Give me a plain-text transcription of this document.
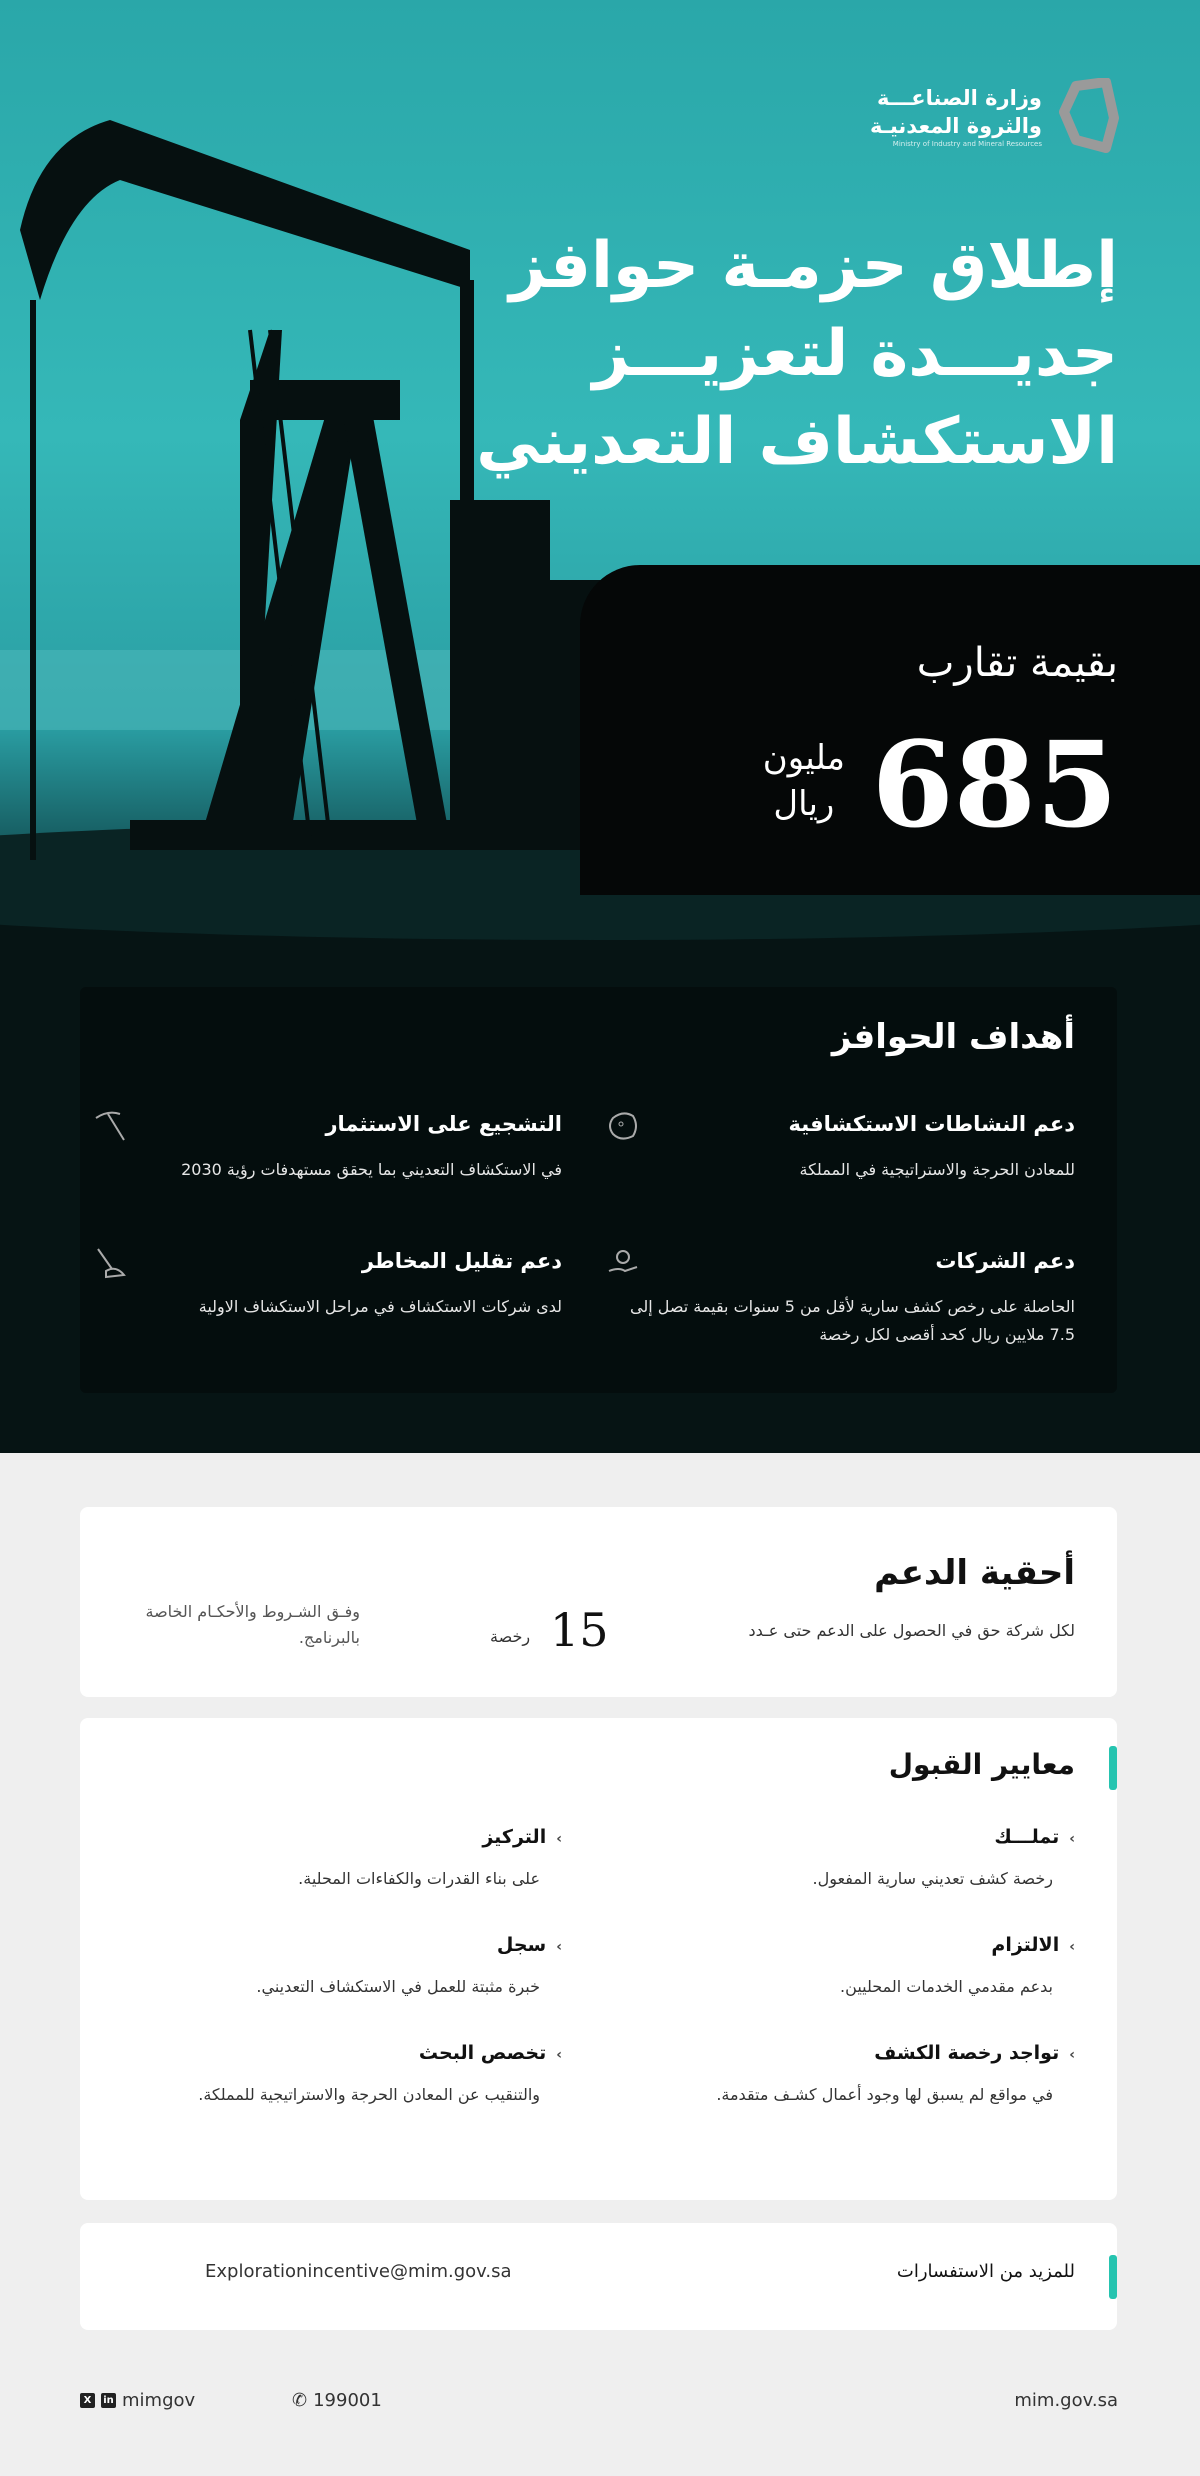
وزارة الصناعـــة
والثروة المعدنيـة
Ministry of Industry and Mineral Resources
إطلاق حزمـة حوافز
جديـــدة لتعزيـــز
الاستكشاف التعديني
بقيمة تقارب
685
مليون
ريال
أهداف الحوافز
دعم النشاطات الاستكشافية

للمعادن الحرجة والاستراتيجية في المملكة

التشجيع على الاستثمار

في الاستكشاف التعديني بما يحقق مستهدفات رؤية 2030

دعم الشركات

الحاصلة على رخص كشف سارية لأقل من 5 سنوات بقيمة تصل إلى 7.5 ملايين ريال كحد أقصى لكل رخصة

دعم تقليل المخاطر

لدى شركات الاستكشاف في مراحل الاستكشاف الاولية

أحقية الدعم
لكل شركة حق في الحصول على الدعم حتى عـدد
15
رخصة
وفـق الشـروط والأحكـام الخاصة بالبرنامج.
معايير القبول
›تملـــك

رخصة كشف تعديني سارية المفعول.

›التركيز

على بناء القدرات والكفاءات المحلية.

›الالتزام

بدعم مقدمي الخدمات المحليين.

›سجل

خبرة مثبتة للعمل في الاستكشاف التعديني.

›تواجد رخصة الكشف

في مواقع لم يسبق لها وجود أعمال كشـف متقدمة.

›تخصص البحث

والتنقيب عن المعادن الحرجة والاستراتيجية للمملكة.

للمزيد من الاستفسارات
Explorationincentive@mim.gov.sa
X	in mimgov	✆ 199001	mim.gov.sa
